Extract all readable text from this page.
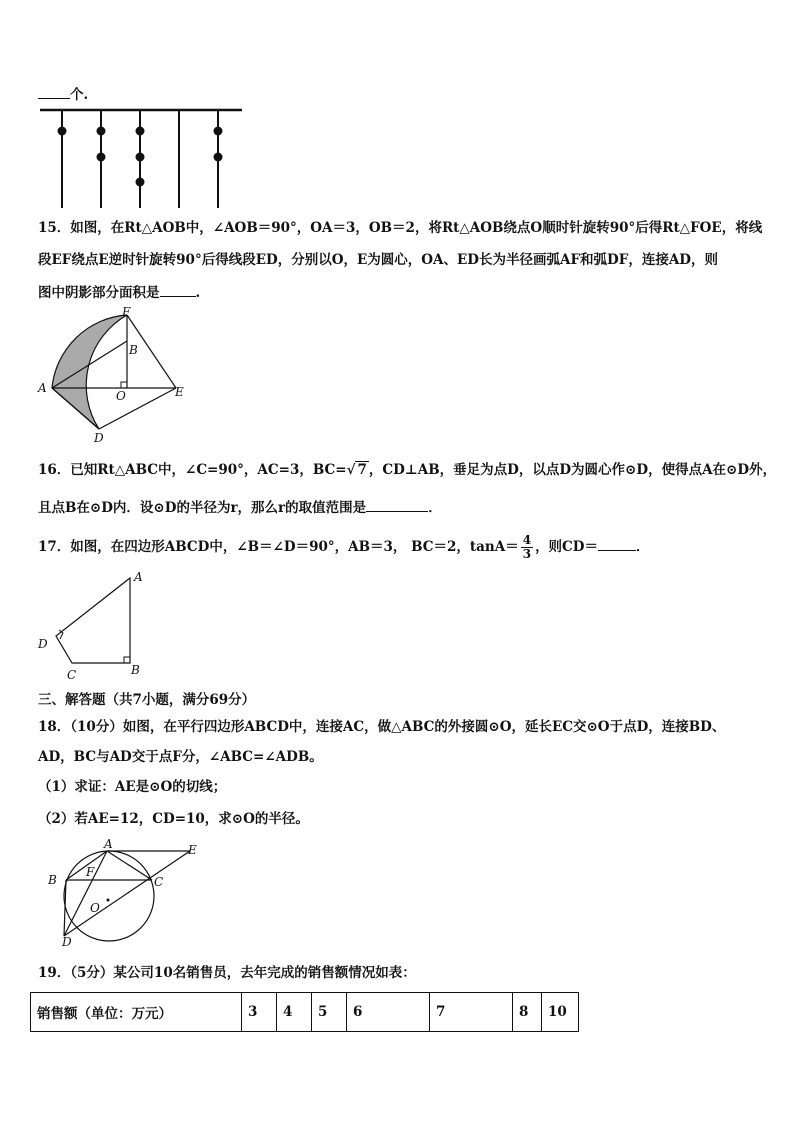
个.
15．如图，在Rt△AOB中，∠AOB＝90°，OA＝3，OB＝2，将Rt△AOB绕点O顺时针旋转90°后得Rt△FOE，将线
段EF绕点E逆时针旋转90°后得线段ED，分别以O，E为圆心，OA、ED长为半径画弧AF和弧DF，连接AD，则
图中阴影部分面积是	.
F
B
A
O	E
D
16．已知Rt△ABC中，∠C=90°，AC=3，BC=√ 7 ，CD⊥AB，垂足为点D，以点D为圆心作⊙D，使得点A在⊙D外，
且点B在⊙D内．设⊙D的半径为r，那么r的取值范围是	．
17．如图，在四边形ABCD中，∠B＝∠D＝90°，AB＝3， BC＝2，$\tan A= \frac{4}{3}$ ，则CD＝	．
A
D
C	B
三、解答题（共7小题，满分69分）
18．（10分）如图，在平行四边形ABCD中，连接AC，做△ABC的外接圆⊙O，延长EC交⊙O于点D，连接BD、
AD，BC与AD交于点F分，∠ABC=∠ADB。
（1）求证：AE是⊙O的切线；
（2）若AE=12，CD=10，求⊙O的半径。
A	E
B
F
C
O
D
19．（5分）某公司10名销售员，去年完成的销售额情况如表：
销售额（单位：万元）	3	4	5	6	7	8	10
